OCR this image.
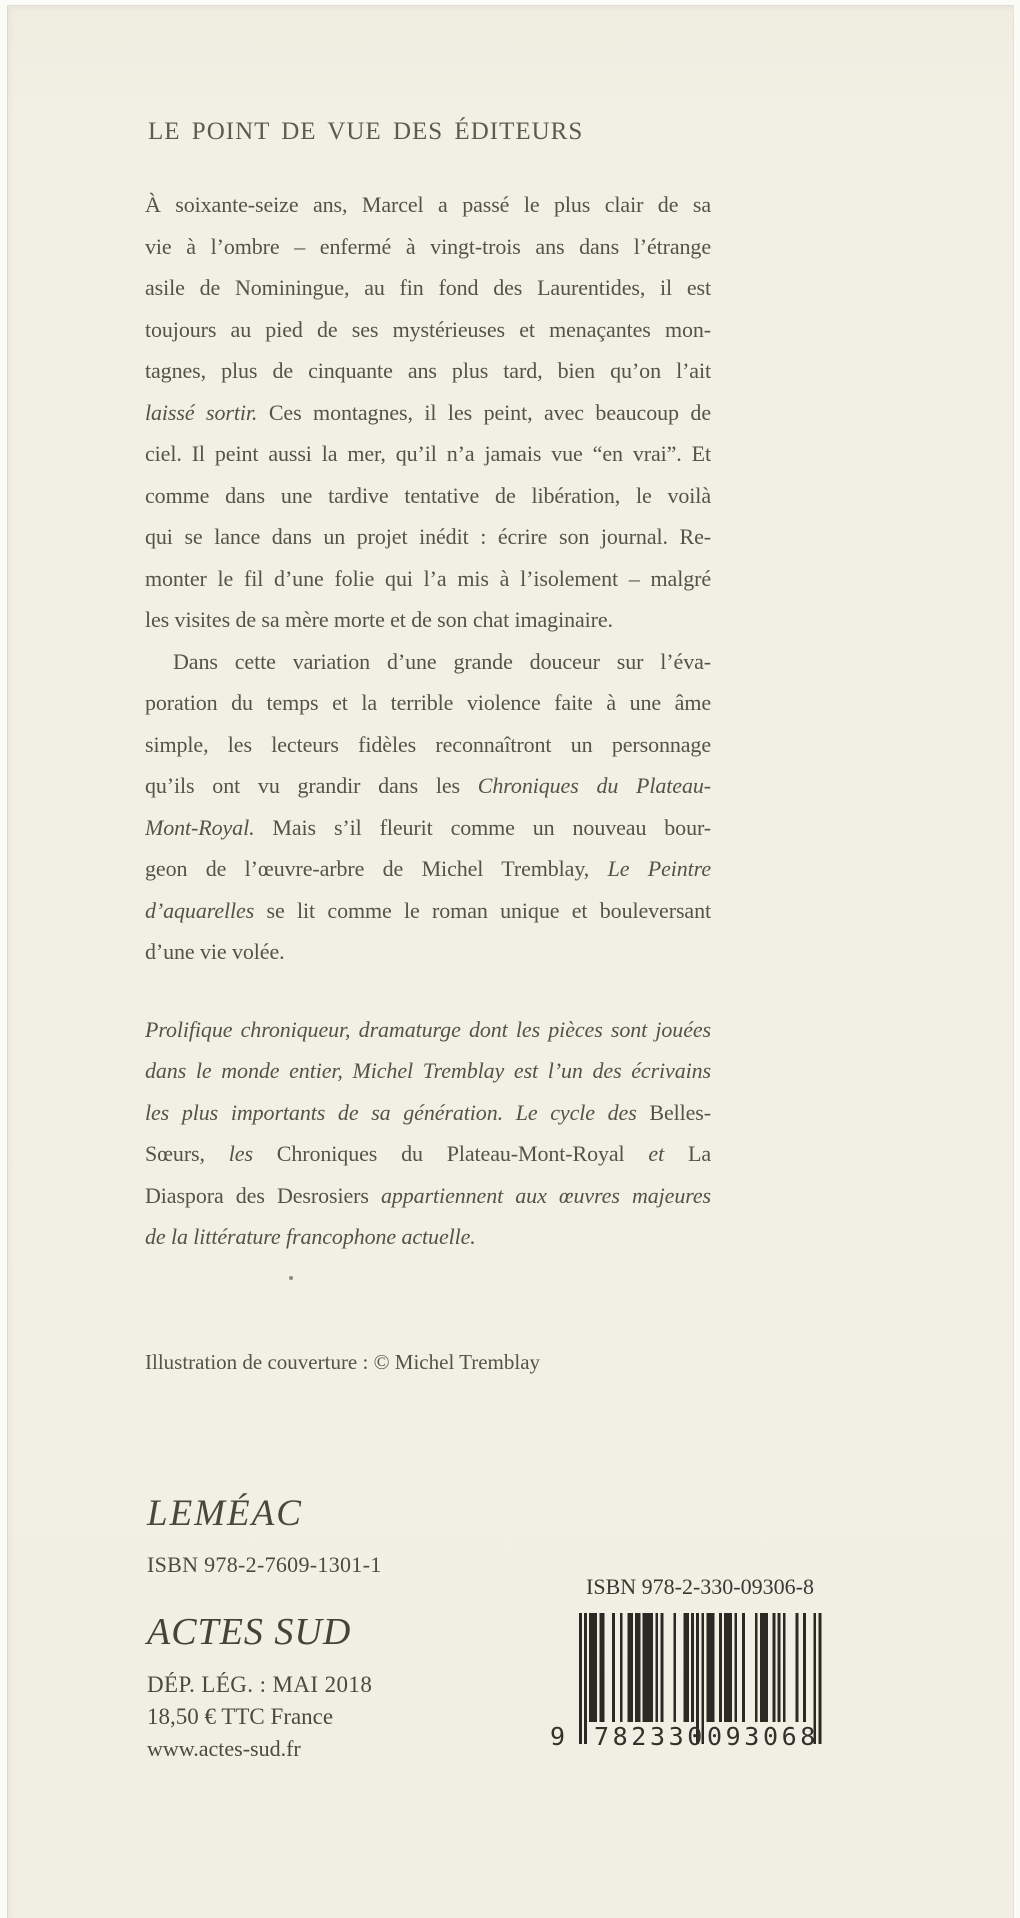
LE POINT DE VUE DES ÉDITEURS
À soixante-seize ans, Marcel a passé le plus clair de sa
vie à l’ombre – enfermé à vingt-trois ans dans l’étrange
asile de Nominingue, au fin fond des Laurentides, il est
toujours au pied de ses mystérieuses et menaçantes mon-
tagnes, plus de cinquante ans plus tard, bien qu’on l’ait
laissé sortir. Ces montagnes, il les peint, avec beaucoup de
ciel. Il peint aussi la mer, qu’il n’a jamais vue “en vrai”. Et
comme dans une tardive tentative de libération, le voilà
qui se lance dans un projet inédit : écrire son journal. Re-
monter le fil d’une folie qui l’a mis à l’isolement – malgré
les visites de sa mère morte et de son chat imaginaire.
Dans cette variation d’une grande douceur sur l’éva-
poration du temps et la terrible violence faite à une âme
simple, les lecteurs fidèles reconnaîtront un personnage
qu’ils ont vu grandir dans les Chroniques du Plateau-
Mont-Royal. Mais s’il fleurit comme un nouveau bour-
geon de l’œuvre-arbre de Michel Tremblay, Le Peintre
d’aquarelles se lit comme le roman unique et bouleversant
d’une vie volée.
Prolifique chroniqueur, dramaturge dont les pièces sont jouées
dans le monde entier, Michel Tremblay est l’un des écrivains
les plus importants de sa génération. Le cycle des Belles-
Sœurs, les Chroniques du Plateau-Mont-Royal et La
Diaspora des Desrosiers appartiennent aux œuvres majeures
de la littérature francophone actuelle.
Illustration de couverture : © Michel Tremblay
LEMÉAC
ISBN 978-2-7609-1301-1
ACTES SUD
DÉP. LÉG. : MAI 2018
18,50 € TTC France
www.actes-sud.fr
ISBN 978-2-330-09306-8
9 782330 093068
